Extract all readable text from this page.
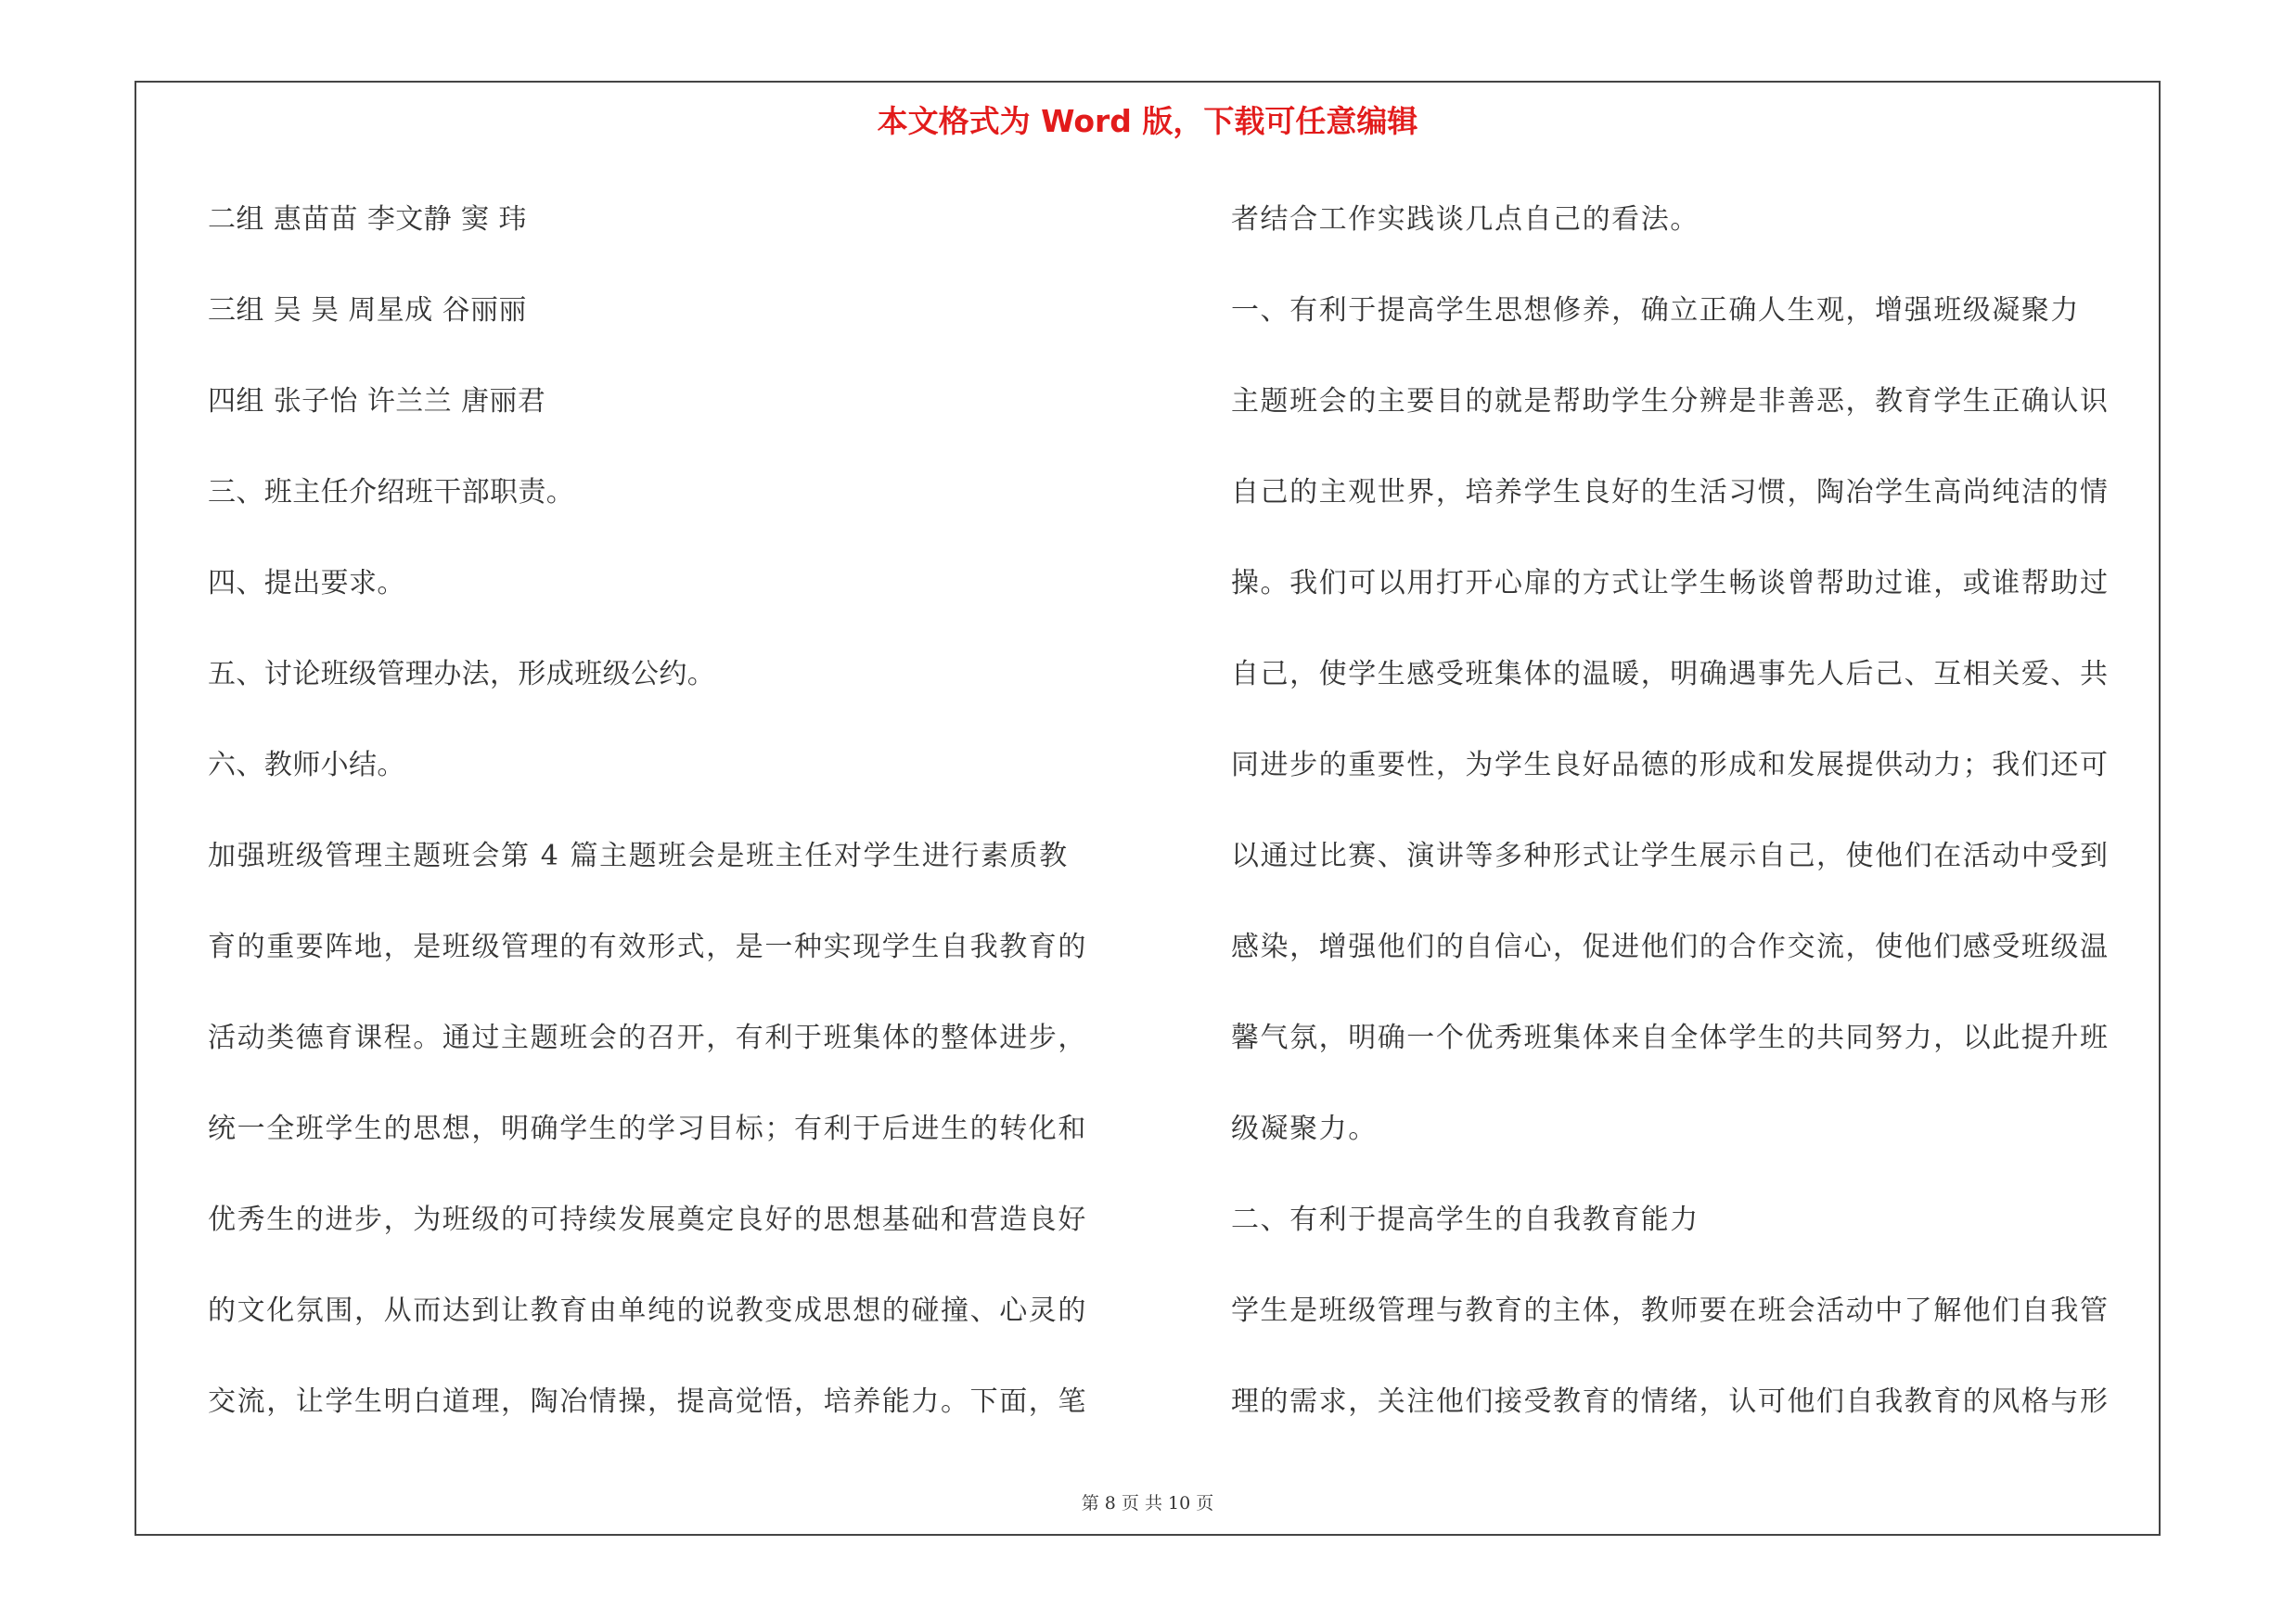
本文格式为 Word 版，下载可任意编辑
二组 惠苗苗 李文静 窦 玮
三组 吴 昊 周星成 谷丽丽
四组 张子怡 许兰兰 唐丽君
三、班主任介绍班干部职责。
四、提出要求。
五、讨论班级管理办法，形成班级公约。
六、教师小结。
加强班级管理主题班会第 4 篇主题班会是班主任对学生进行素质教
育的重要阵地，是班级管理的有效形式，是一种实现学生自我教育的
活动类德育课程。通过主题班会的召开，有利于班集体的整体进步，
统一全班学生的思想，明确学生的学习目标；有利于后进生的转化和
优秀生的进步，为班级的可持续发展奠定良好的思想基础和营造良好
的文化氛围，从而达到让教育由单纯的说教变成思想的碰撞、心灵的
交流，让学生明白道理，陶冶情操，提高觉悟，培养能力。下面，笔
者结合工作实践谈几点自己的看法。
一、有利于提高学生思想修养，确立正确人生观，增强班级凝聚力
主题班会的主要目的就是帮助学生分辨是非善恶，教育学生正确认识
自己的主观世界，培养学生良好的生活习惯，陶冶学生高尚纯洁的情
操。我们可以用打开心扉的方式让学生畅谈曾帮助过谁，或谁帮助过
自己，使学生感受班集体的温暖，明确遇事先人后己、互相关爱、共
同进步的重要性，为学生良好品德的形成和发展提供动力；我们还可
以通过比赛、演讲等多种形式让学生展示自己，使他们在活动中受到
感染，增强他们的自信心，促进他们的合作交流，使他们感受班级温
馨气氛，明确一个优秀班集体来自全体学生的共同努力，以此提升班
级凝聚力。
二、有利于提高学生的自我教育能力
学生是班级管理与教育的主体，教师要在班会活动中了解他们自我管
理的需求，关注他们接受教育的情绪，认可他们自我教育的风格与形
第 8 页 共 10 页
